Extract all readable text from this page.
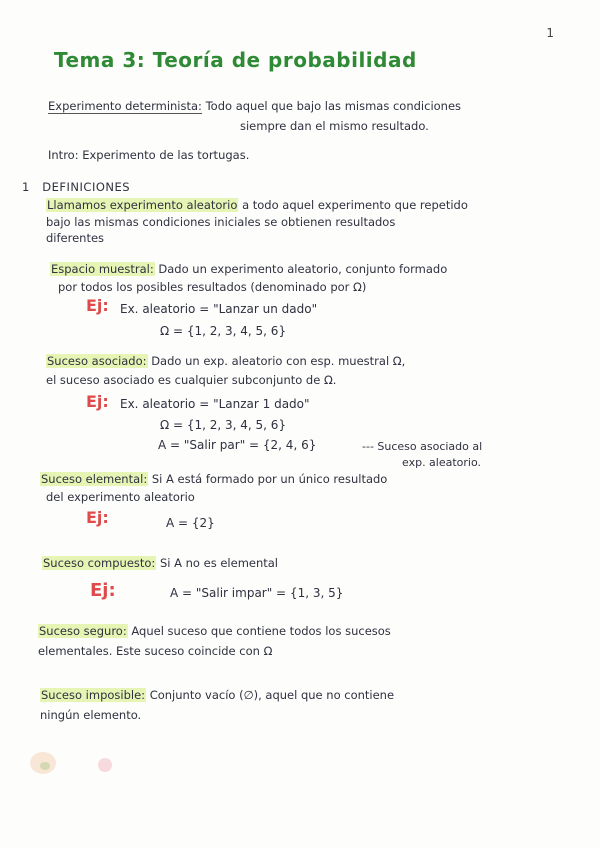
1
Tema 3: Teoría de probabilidad
Experimento determinista: Todo aquel que bajo las mismas condiciones
siempre dan el mismo resultado.
Intro: Experimento de las tortugas.
1 DEFINICIONES
Llamamos experimento aleatorio a todo aquel experimento que repetido
bajo las mismas condiciones iniciales se obtienen resultados
diferentes
Espacio muestral: Dado un experimento aleatorio, conjunto formado
por todos los posibles resultados (denominado por Ω)
Ej: Ex. aleatorio = "Lanzar un dado"
Ω = {1, 2, 3, 4, 5, 6}
Suceso asociado: Dado un exp. aleatorio con esp. muestral Ω,
el suceso asociado es cualquier subconjunto de Ω.
Ej: Ex. aleatorio = "Lanzar 1 dado"
Ω = {1, 2, 3, 4, 5, 6}
A = "Salir par" = {2, 4, 6}	--- Suceso asociado al
exp. aleatorio.
Suceso elemental: Si A está formado por un único resultado
del experimento aleatorio
Ej:	A = {2}
Suceso compuesto: Si A no es elemental
Ej:	A = "Salir impar" = {1, 3, 5}
Suceso seguro: Aquel suceso que contiene todos los sucesos
elementales. Este suceso coincide con Ω
Suceso imposible: Conjunto vacío (∅), aquel que no contiene
ningún elemento.
